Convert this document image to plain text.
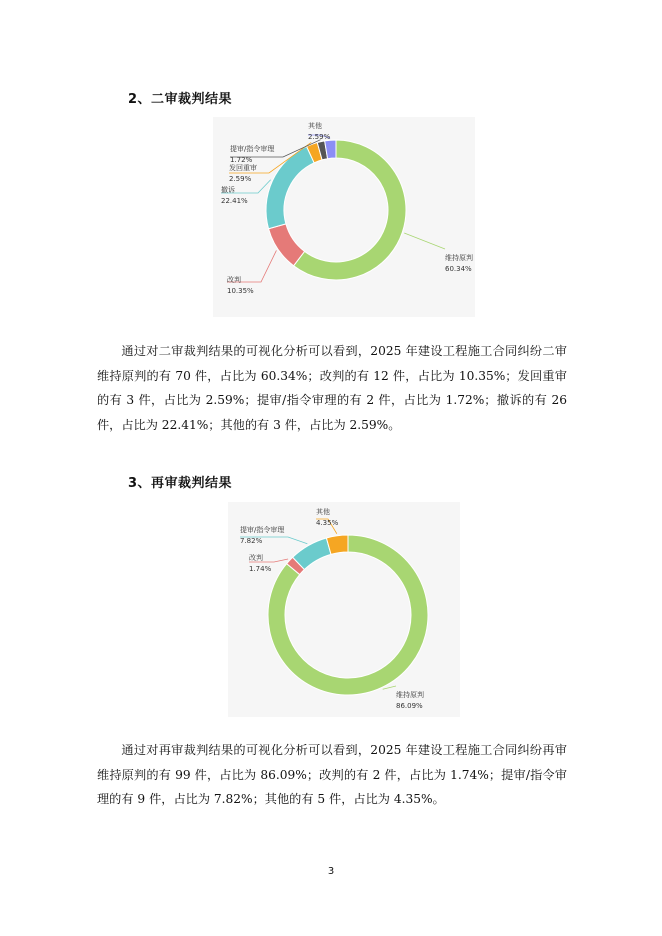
2、二审裁判结果
维持原判
60.34%
改判
10.35%
撤诉
22.41%
发回重审
2.59%
提审/指令审理
1.72%
其他
2.59%

通过对二审裁判结果的可视化分析可以看到，2025 年建设工程施工合同纠纷二审维持原判的有 70 件，占比为 60.34%；改判的有 12 件，占比为 10.35%；发回重审的有 3 件，占比为 2.59%；提审/指令审理的有 2 件，占比为 1.72%；撤诉的有 26 件，占比为 22.41%；其他的有 3 件，占比为 2.59%。

3、再审裁判结果
维持原判
86.09%
改判
1.74%
提审/指令审理
7.82%
其他
4.35%

通过对再审裁判结果的可视化分析可以看到，2025 年建设工程施工合同纠纷再审维持原判的有 99 件，占比为 86.09%；改判的有 2 件，占比为 1.74%；提审/指令审理的有 9 件，占比为 7.82%；其他的有 5 件，占比为 4.35%。

3
